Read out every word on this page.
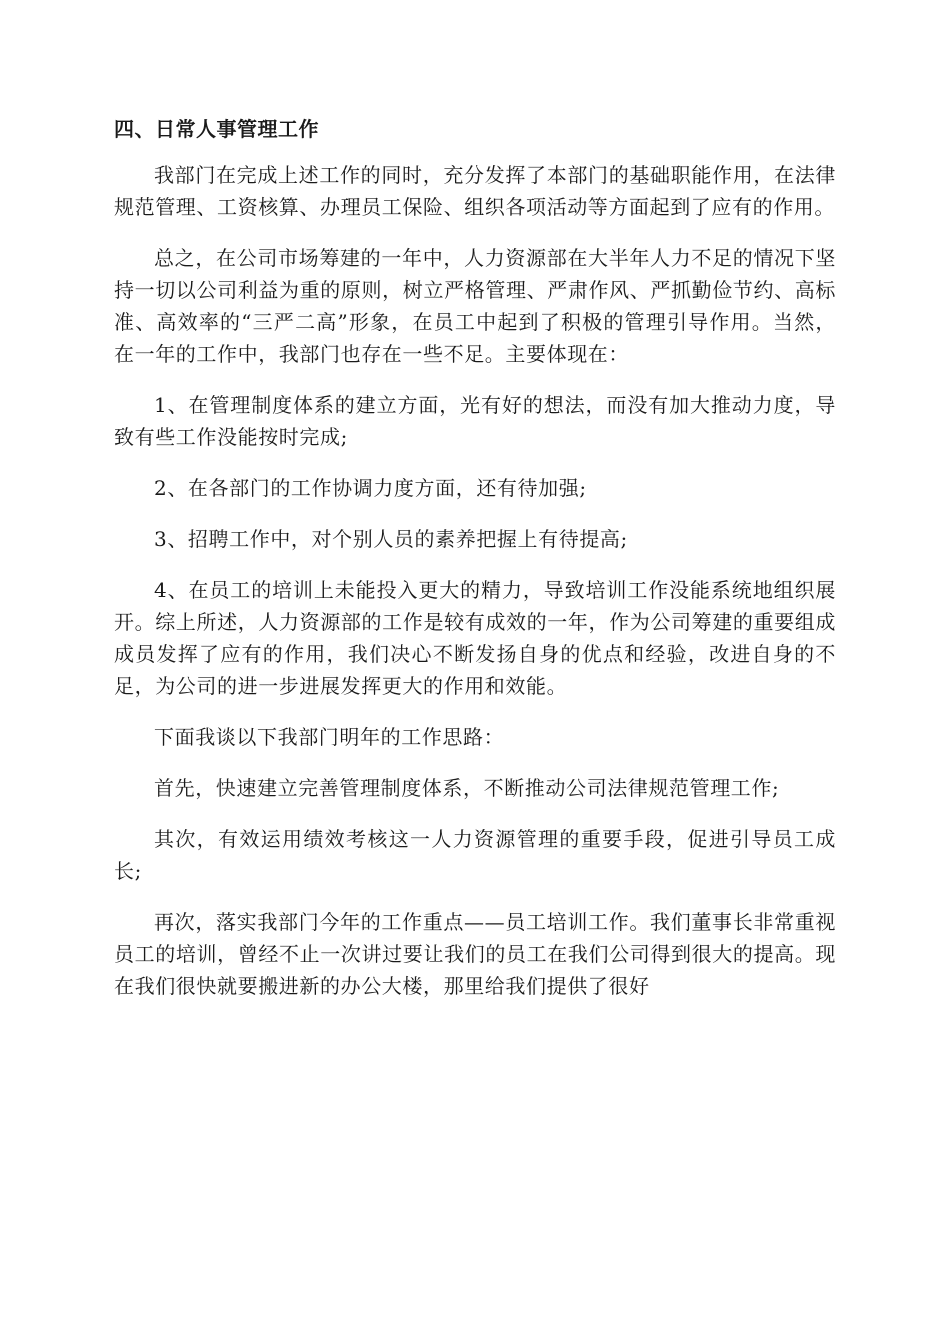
四、日常人事管理工作

我部门在完成上述工作的同时，充分发挥了本部门的基础职能作用，在法律规范管理、工资核算、办理员工保险、组织各项活动等方面起到了应有的作用。

总之，在公司市场筹建的一年中，人力资源部在大半年人力不足的情况下坚持一切以公司利益为重的原则，树立严格管理、严肃作风、严抓勤俭节约、高标准、高效率的“三严二高”形象，在员工中起到了积极的管理引导作用。当然，在一年的工作中，我部门也存在一些不足。主要体现在：

1、在管理制度体系的建立方面，光有好的想法，而没有加大推动力度，导致有些工作没能按时完成;

2、在各部门的工作协调力度方面，还有待加强;

3、招聘工作中，对个别人员的素养把握上有待提高;

4、在员工的培训上未能投入更大的精力，导致培训工作没能系统地组织展开。综上所述，人力资源部的工作是较有成效的一年，作为公司筹建的重要组成成员发挥了应有的作用，我们决心不断发扬自身的优点和经验，改进自身的不足，为公司的进一步进展发挥更大的作用和效能。

下面我谈以下我部门明年的工作思路：

首先，快速建立完善管理制度体系，不断推动公司法律规范管理工作;

其次，有效运用绩效考核这一人力资源管理的重要手段，促进引导员工成长;

再次，落实我部门今年的工作重点——员工培训工作。我们董事长非常重视员工的培训，曾经不止一次讲过要让我们的员工在我们公司得到很大的提高。现在我们很快就要搬进新的办公大楼，那里给我们提供了很好
